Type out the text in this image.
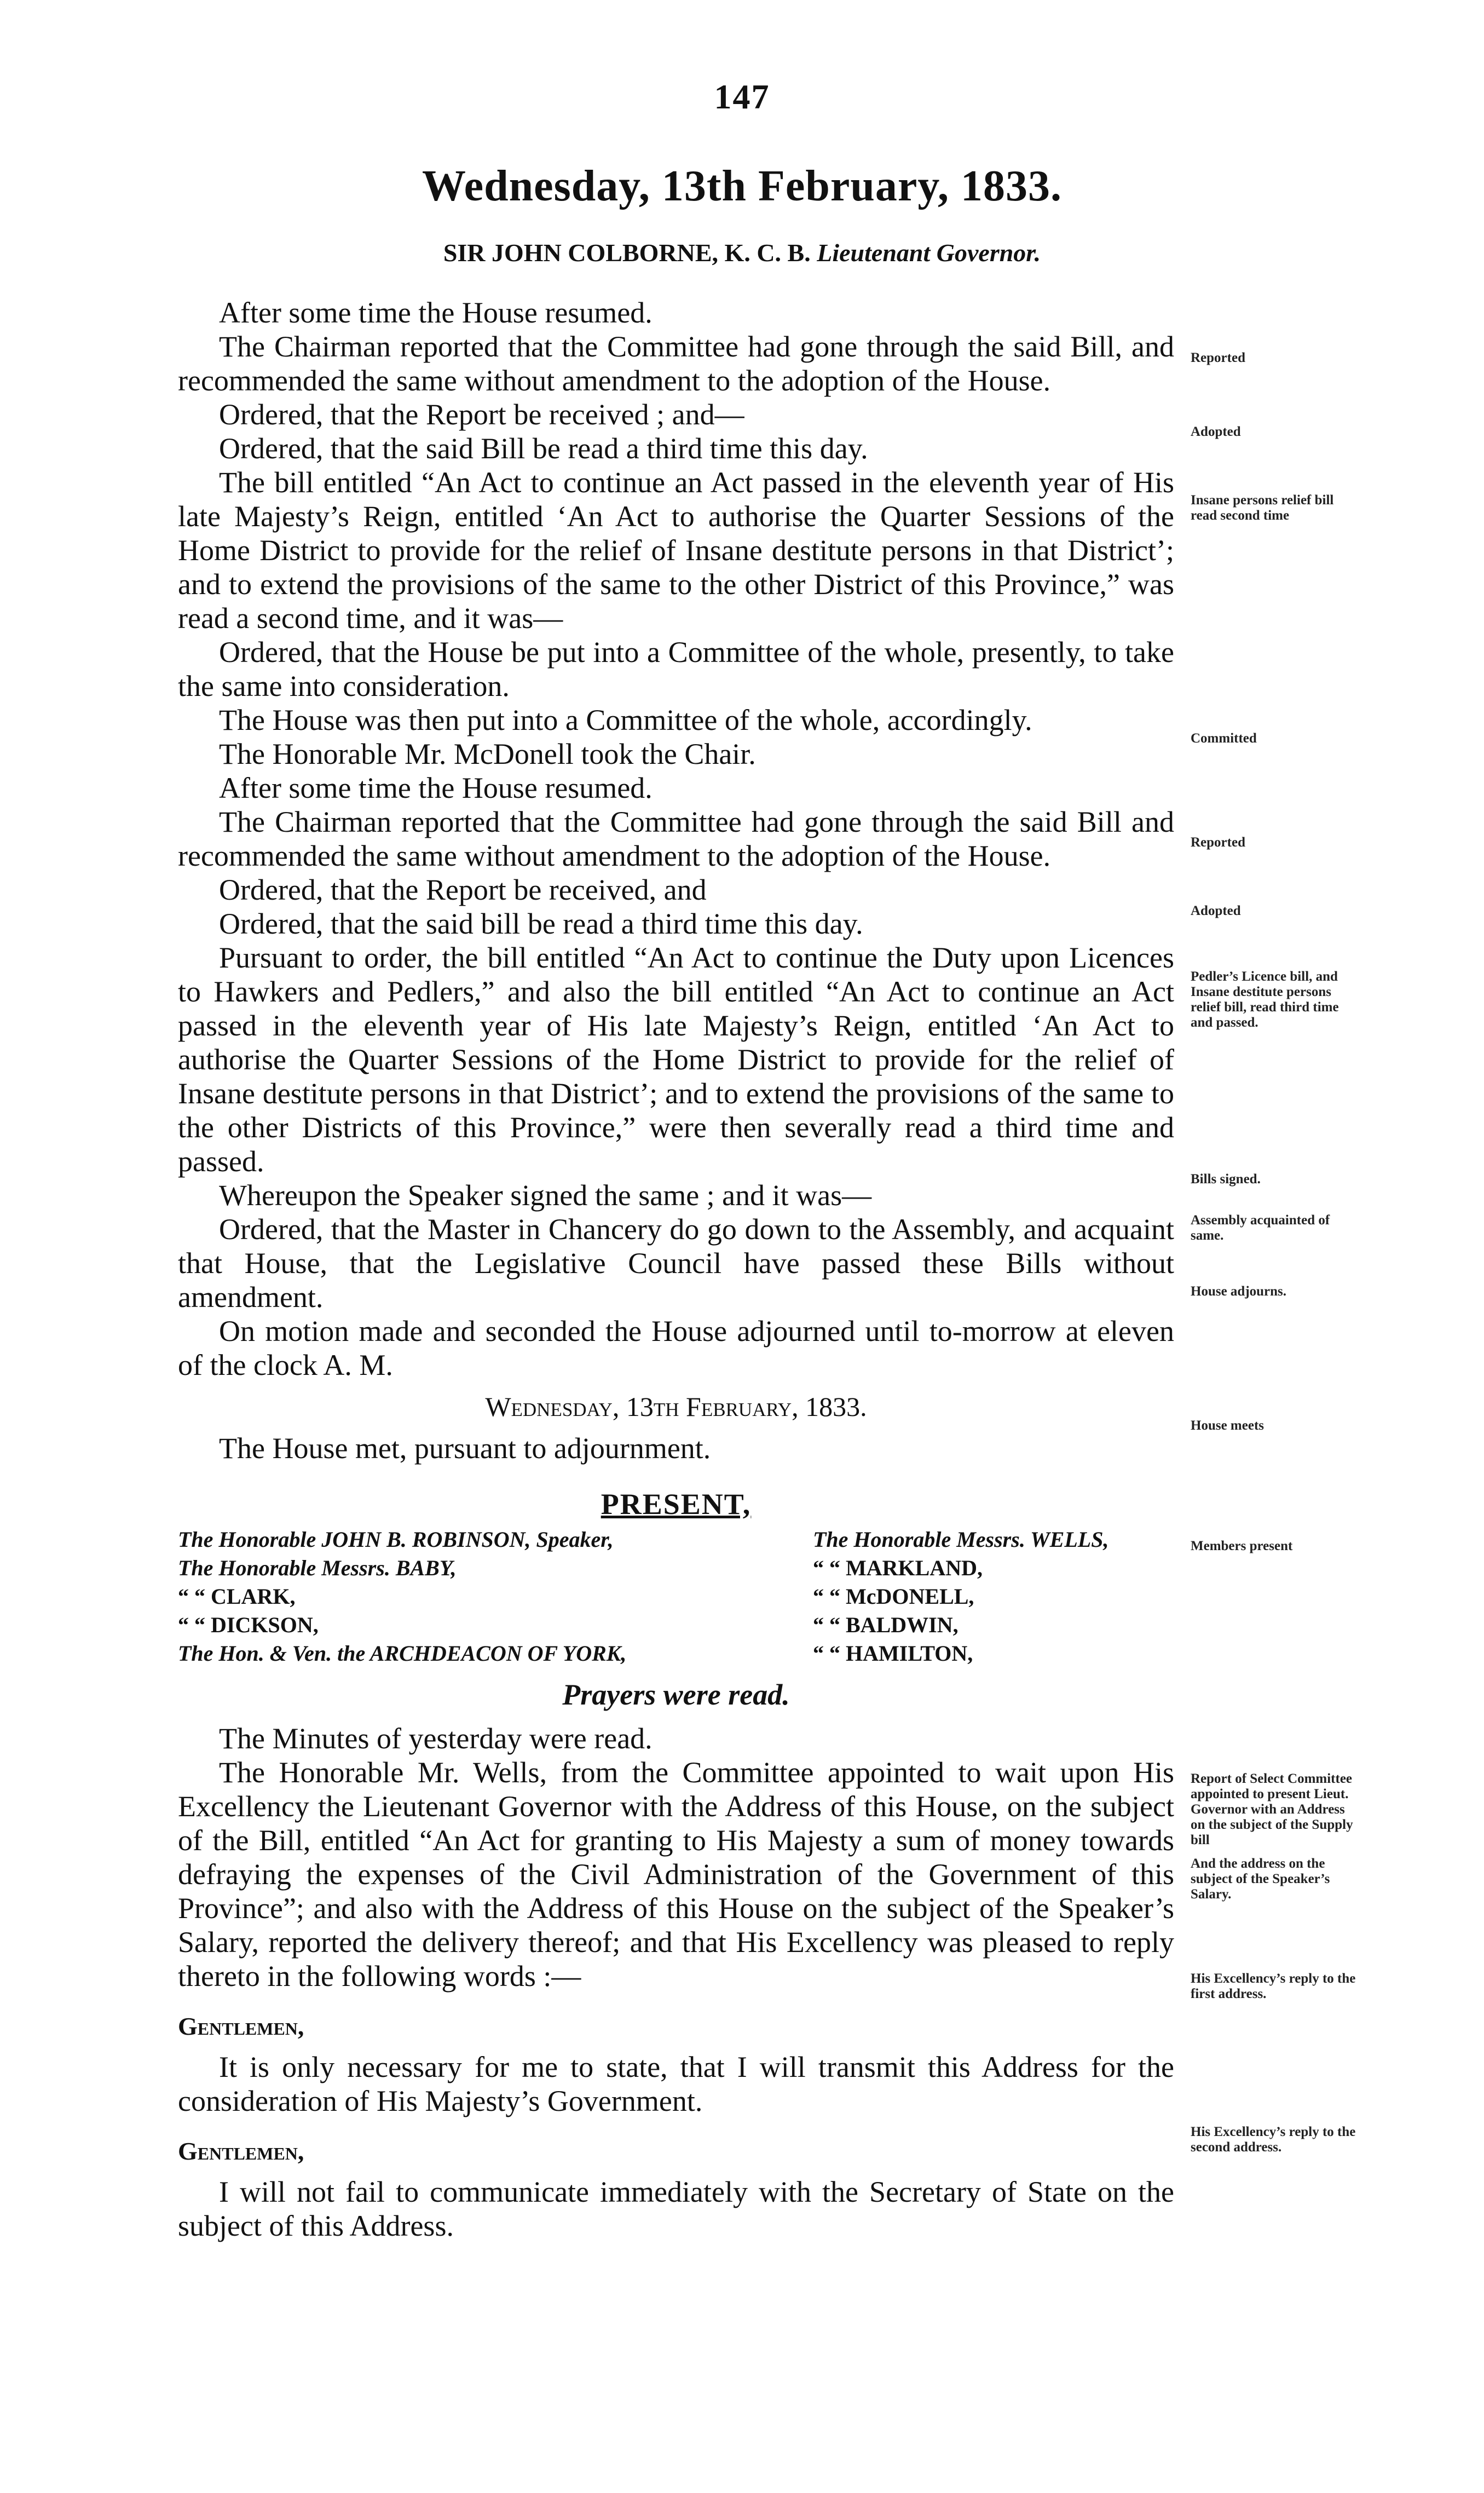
147
Wednesday, 13th February, 1833.
SIR JOHN COLBORNE, K. C. B. Lieutenant Governor.

After some time the House resumed.

The Chairman reported that the Committee had gone through the said Bill, and recommended the same without amendment to the adoption of the House.

Ordered, that the Report be received ; and—

Ordered, that the said Bill be read a third time this day.

The bill entitled “An Act to continue an Act passed in the eleventh year of His late Majesty’s Reign, entitled ‘An Act to authorise the Quarter Sessions of the Home District to provide for the relief of Insane destitute persons in that District’; and to extend the provisions of the same to the other District of this Province,” was read a second time, and it was—

Ordered, that the House be put into a Committee of the whole, presently, to take the same into consideration.

The House was then put into a Committee of the whole, accordingly.

The Honorable Mr. McDonell took the Chair.

After some time the House resumed.

The Chairman reported that the Committee had gone through the said Bill and recommended the same without amendment to the adoption of the House.

Ordered, that the Report be received, and

Ordered, that the said bill be read a third time this day.

Pursuant to order, the bill entitled “An Act to continue the Duty upon Licences to Hawkers and Pedlers,” and also the bill entitled “An Act to continue an Act passed in the eleventh year of His late Majesty’s Reign, entitled ‘An Act to authorise the Quarter Sessions of the Home District to provide for the relief of Insane destitute persons in that District’; and to extend the provisions of the same to the other Districts of this Province,” were then severally read a third time and passed.

Whereupon the Speaker signed the same ; and it was—

Ordered, that the Master in Chancery do go down to the Assembly, and acquaint that House, that the Legislative Council have passed these Bills without amendment.

On motion made and seconded the House adjourned until to-morrow at eleven of the clock A. M.

Wednesday, 13th February, 1833.

The House met, pursuant to adjournment.

PRESENT,
The Honorable JOHN B. ROBINSON, Speaker,	The Honorable Messrs. WELLS,
The Honorable Messrs. BABY,	“ “ MARKLAND,
“ “ CLARK,	“ “ McDONELL,
“ “ DICKSON,	“ “ BALDWIN,
The Hon. & Ven. the ARCHDEACON OF YORK,	“ “ HAMILTON,
Prayers were read.

The Minutes of yesterday were read.

The Honorable Mr. Wells, from the Committee appointed to wait upon His Excellency the Lieutenant Governor with the Address of this House, on the subject of the Bill, entitled “An Act for granting to His Majesty a sum of money towards defraying the expenses of the Civil Administration of the Government of this Province”; and also with the Address of this House on the subject of the Speaker’s Salary, reported the delivery thereof; and that His Excellency was pleased to reply thereto in the following words :—

Gentlemen,

It is only necessary for me to state, that I will transmit this Address for the consideration of His Majesty’s Government.

Gentlemen,

I will not fail to communicate immediately with the Secretary of State on the subject of this Address.

Reported
Adopted
Insane persons relief bill read second time
Committed
Reported
Adopted
Pedler’s Licence bill, and Insane destitute persons relief bill, read third time and passed.
Bills signed.
Assembly acquainted of same.
House adjourns.
House meets
Members present
Report of Select Committee appointed to present Lieut. Governor with an Address on the subject of the Supply bill
And the address on the subject of the Speaker’s Salary.
His Excellency’s reply to the first address.
His Excellency’s reply to the second address.
